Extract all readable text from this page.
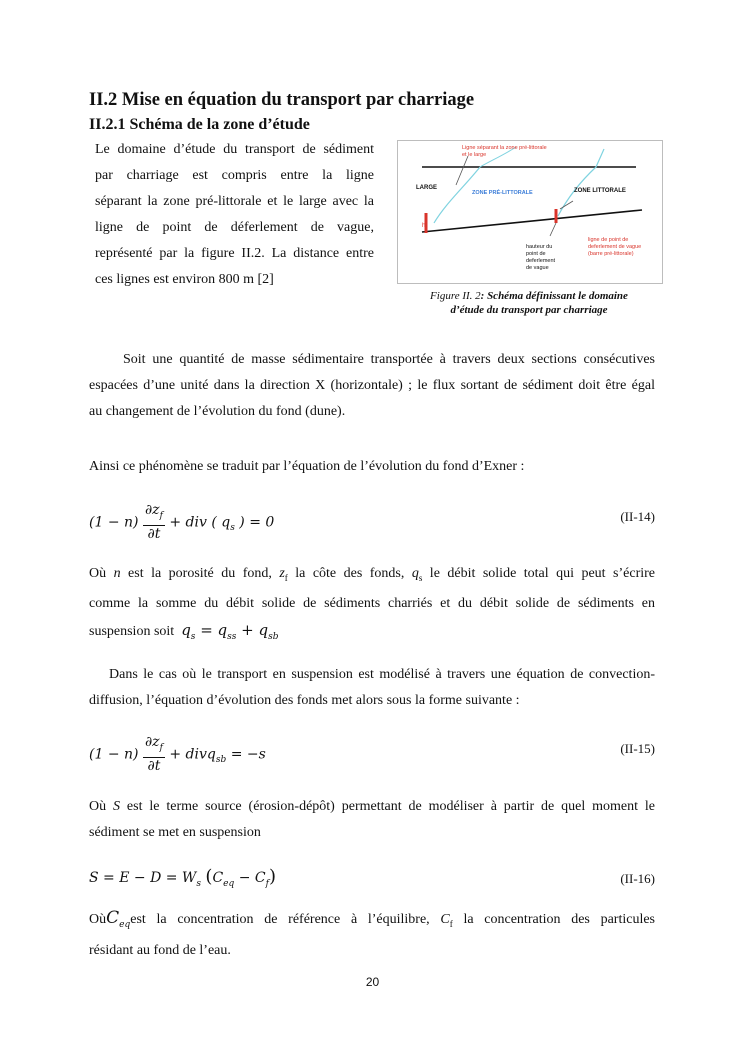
II.2 Mise en équation du transport par charriage
II.2.1 Schéma de la zone d’étude
Le domaine d’étude du transport de sédiment
par charriage est compris entre la ligne
séparant la zone pré-littorale et le large avec la
ligne de point de déferlement de vague,
représenté par la figure II.2. La distance entre
ces lignes est environ 800 m [2]
Ligne séparant la zone pré-littorale
et le large
LARGE
ZONE PRÉ-LITTORALE	ZONE LITTORALE
h
hauteur du
point de
deferlement
de vague
ligne de point de
deferlement de vague
(barre pré-littorale)

Figure II. 2: Schéma définissant le domaine
d’étude du transport par charriage

Soit une quantité de masse sédimentaire transportée à travers deux sections consécutives
espacées d’une unité dans la direction X (horizontale) ; le flux sortant de sédiment doit être égal
au changement de l’évolution du fond (dune).
Ainsi ce phénomène se traduit par l’équation de l’évolution du fond d’Exner :
$(1 - n) \frac{\partial z_f}{\partial t}$ + div ( $q_s$ ) = 0	(II-14)
Où n est la porosité du fond, $z_f$ la côte des fonds, $q_s$ le débit solide total qui peut s’écrire
comme la somme du débit solide de sédiments charriés et du débit solide de sédiments en
suspension soit $q_s = q_{ss} + q_{sb}$
Dans le cas où le transport en suspension est modélisé à travers une équation de convection-
diffusion, l’équation d’évolution des fonds met alors sous la forme suivante :
$(1 - n) \frac{\partial z_f}{\partial t}$ + divq$_{sb}$ = −s	(II-15)
Où S est le terme source (érosion-dépôt) permettant de modéliser à partir de quel moment le
sédiment se met en suspension
$S = E - D = W_s$ $(C_{eq} - C_f)$	(II-16)
OùC$_{eq}$est la concentration de référence à l’équilibre, $C_f$ la concentration des particules
résidant au fond de l’eau.
20
